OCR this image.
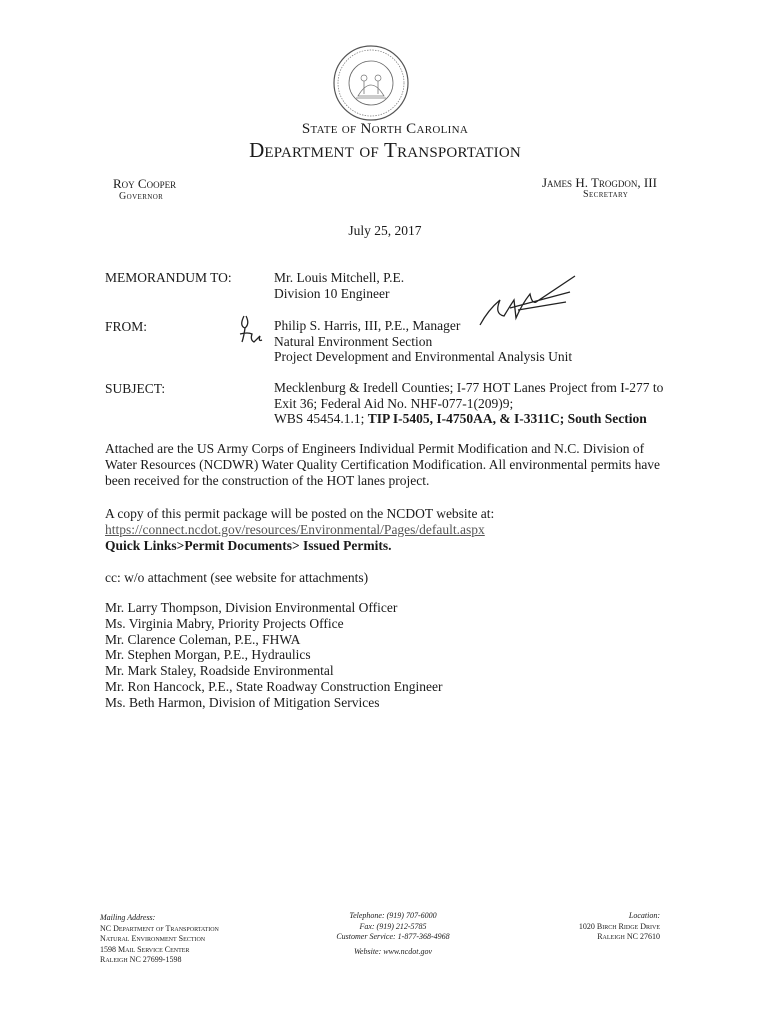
State of North Carolina
Department of Transportation
Roy Cooper
Governor
James H. Trogdon, III
Secretary
July 25, 2017
MEMORANDUM TO:	Mr. Louis Mitchell, P.E.
Division 10 Engineer
FROM:	Philip S. Harris, III, P.E., Manager
Natural Environment Section
Project Development and Environmental Analysis Unit
SUBJECT:	Mecklenburg & Iredell Counties; I-77 HOT Lanes Project from I-277 to
Exit 36; Federal Aid No. NHF-077-1(209)9;
WBS 45454.1.1; TIP I-5405, I-4750AA, & I-3311C; South Section
Attached are the US Army Corps of Engineers Individual Permit Modification and N.C. Division of Water Resources (NCDWR) Water Quality Certification Modification. All environmental permits have been received for the construction of the HOT lanes project.
A copy of this permit package will be posted on the NCDOT website at:
https://connect.ncdot.gov/resources/Environmental/Pages/default.aspx
Quick Links>Permit Documents> Issued Permits.
cc: w/o attachment (see website for attachments)
Mr. Larry Thompson, Division Environmental Officer
Ms. Virginia Mabry, Priority Projects Office
Mr. Clarence Coleman, P.E., FHWA
Mr. Stephen Morgan, P.E., Hydraulics
Mr. Mark Staley, Roadside Environmental
Mr. Ron Hancock, P.E., State Roadway Construction Engineer
Ms. Beth Harmon, Division of Mitigation Services
Mailing Address:
NC Department of Transportation
Natural Environment Section
1598 Mail Service Center
Raleigh NC 27699-1598
Telephone: (919) 707-6000
Fax: (919) 212-5785
Customer Service: 1-877-368-4968
Website: www.ncdot.gov
Location:
1020 Birch Ridge Drive
Raleigh NC 27610
